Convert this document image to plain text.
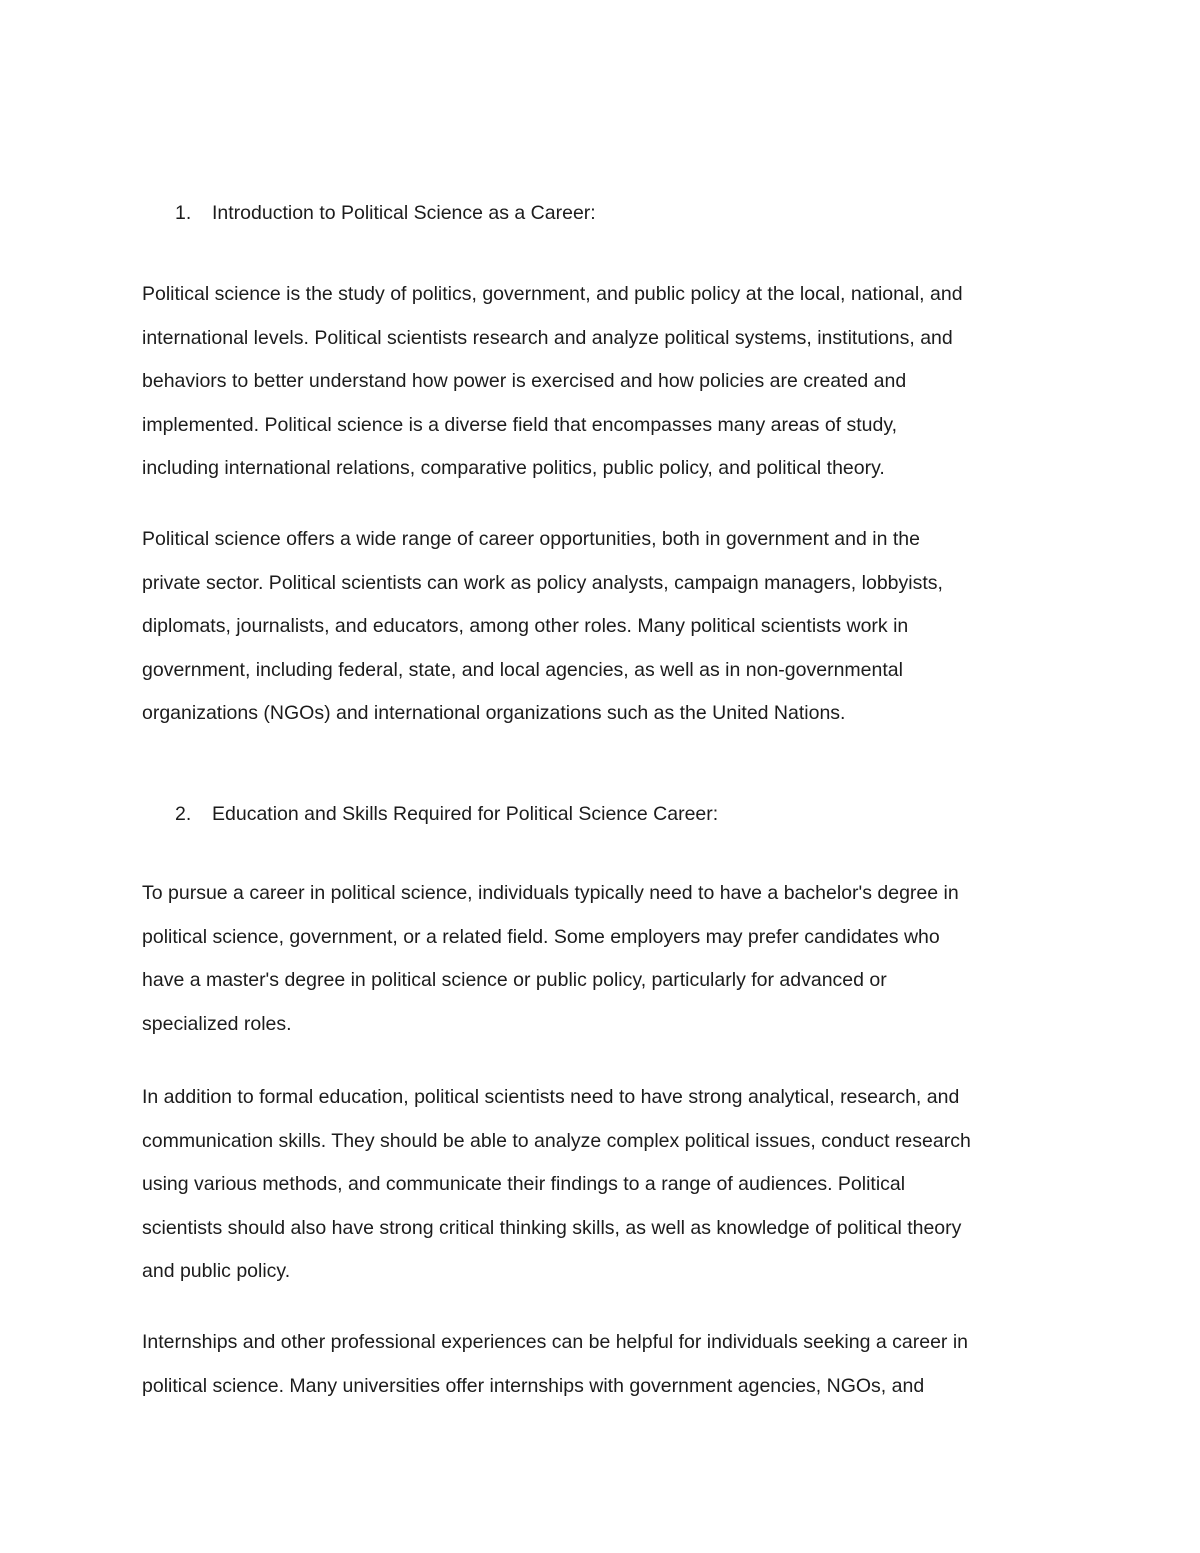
1. Introduction to Political Science as a Career:
Political science is the study of politics, government, and public policy at the local, national, and
international levels. Political scientists research and analyze political systems, institutions, and
behaviors to better understand how power is exercised and how policies are created and
implemented. Political science is a diverse field that encompasses many areas of study,
including international relations, comparative politics, public policy, and political theory.
Political science offers a wide range of career opportunities, both in government and in the
private sector. Political scientists can work as policy analysts, campaign managers, lobbyists,
diplomats, journalists, and educators, among other roles. Many political scientists work in
government, including federal, state, and local agencies, as well as in non-governmental
organizations (NGOs) and international organizations such as the United Nations.
2. Education and Skills Required for Political Science Career:
To pursue a career in political science, individuals typically need to have a bachelor's degree in
political science, government, or a related field. Some employers may prefer candidates who
have a master's degree in political science or public policy, particularly for advanced or
specialized roles.
In addition to formal education, political scientists need to have strong analytical, research, and
communication skills. They should be able to analyze complex political issues, conduct research
using various methods, and communicate their findings to a range of audiences. Political
scientists should also have strong critical thinking skills, as well as knowledge of political theory
and public policy.
Internships and other professional experiences can be helpful for individuals seeking a career in
political science. Many universities offer internships with government agencies, NGOs, and
